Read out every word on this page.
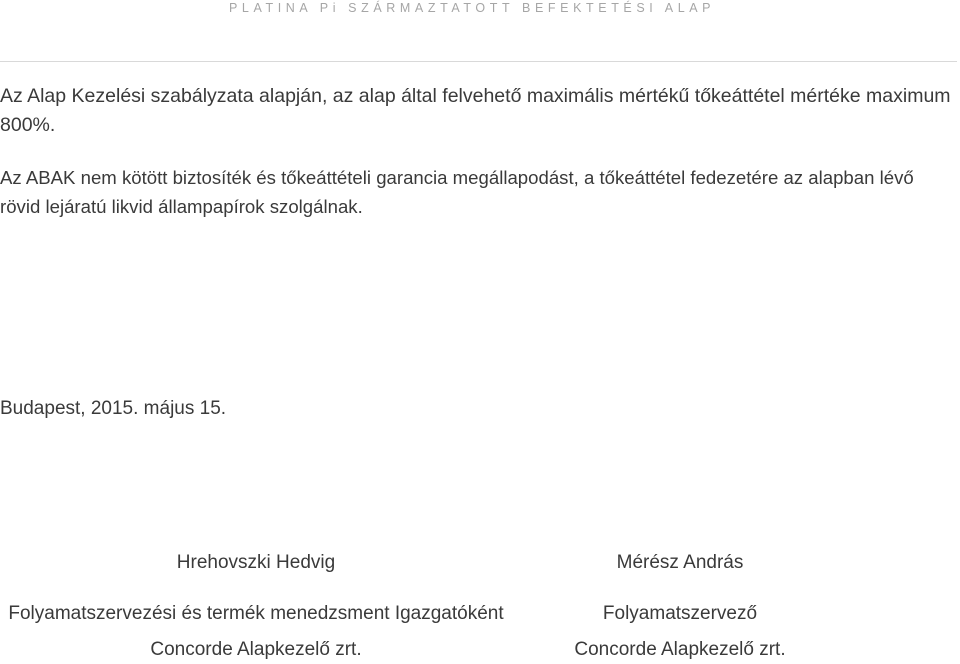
PLATINA Pi SZÁRMAZTATOTT BEFEKTETÉSI ALAP

Az Alap Kezelési szabályzata alapján, az alap által felvehető maximális mértékű tőkeáttétel mértéke maximum 800%.

Az ABAK nem kötött biztosíték és tőkeáttételi garancia megállapodást, a tőkeáttétel fedezetére az alapban lévő rövid lejáratú likvid állampapírok szolgálnak.

Budapest, 2015. május 15.

Hrehovszki Hedvig
Folyamatszervezési és termék menedzsment Igazgatóként
Concorde Alapkezelő zrt.
Mérész András
Folyamatszervező
Concorde Alapkezelő zrt.
